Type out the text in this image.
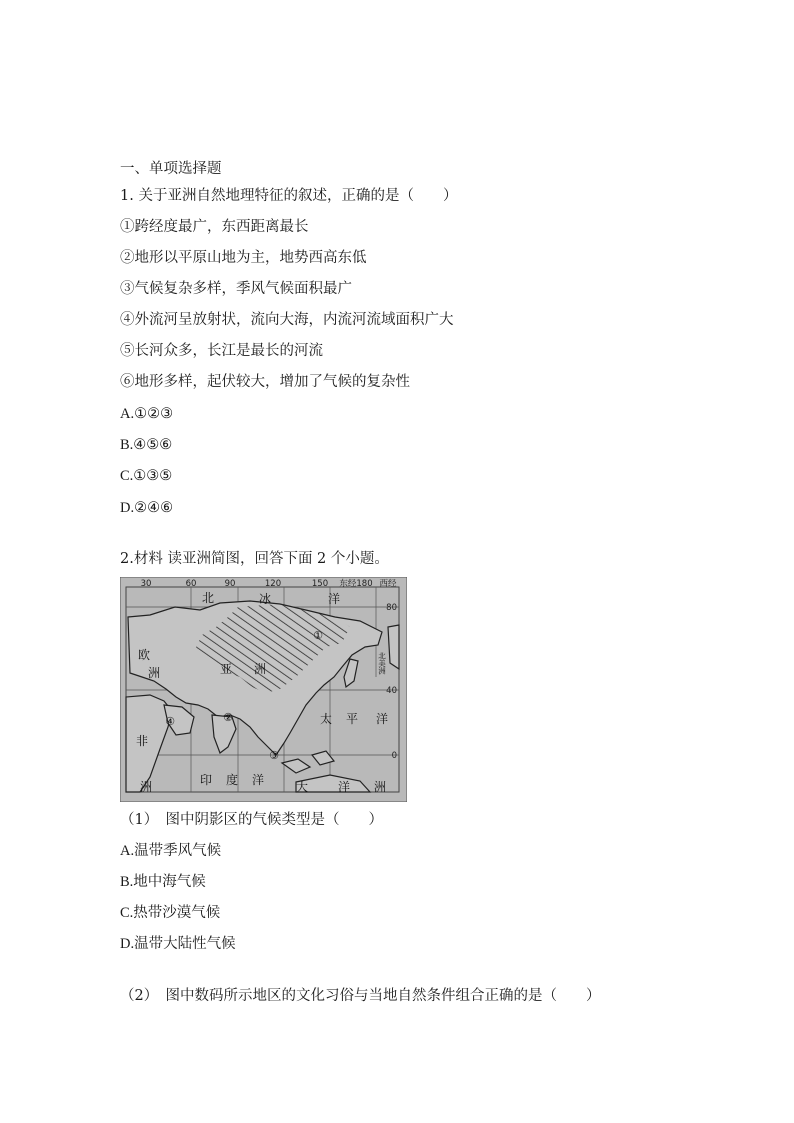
一、单项选择题
1. 关于亚洲自然地理特征的叙述，正确的是（　　）
①跨经度最广，东西距离最长
②地形以平原山地为主，地势西高东低
③气候复杂多样，季风气候面积最广
④外流河呈放射状，流向大海，内流河流域面积广大
⑤长河众多，长江是最长的河流
⑥地形多样，起伏较大，增加了气候的复杂性
A.①②③
B.④⑤⑥
C.①③⑤
D.②④⑥
2.材料 读亚洲简图，回答下面 2 个小题。
30	60	90	120	150 东经180 西经
80
40
0
北	冰	洋
欧
洲	亚 洲
太 平 洋
非
洲	印 度 洋	大 洋 洲
北美洲
①
②
③
④
（1）　图中阴影区的气候类型是（　　）
A.温带季风气候
B.地中海气候
C.热带沙漠气候
D.温带大陆性气候
（2）　图中数码所示地区的文化习俗与当地自然条件组合正确的是（　　）
